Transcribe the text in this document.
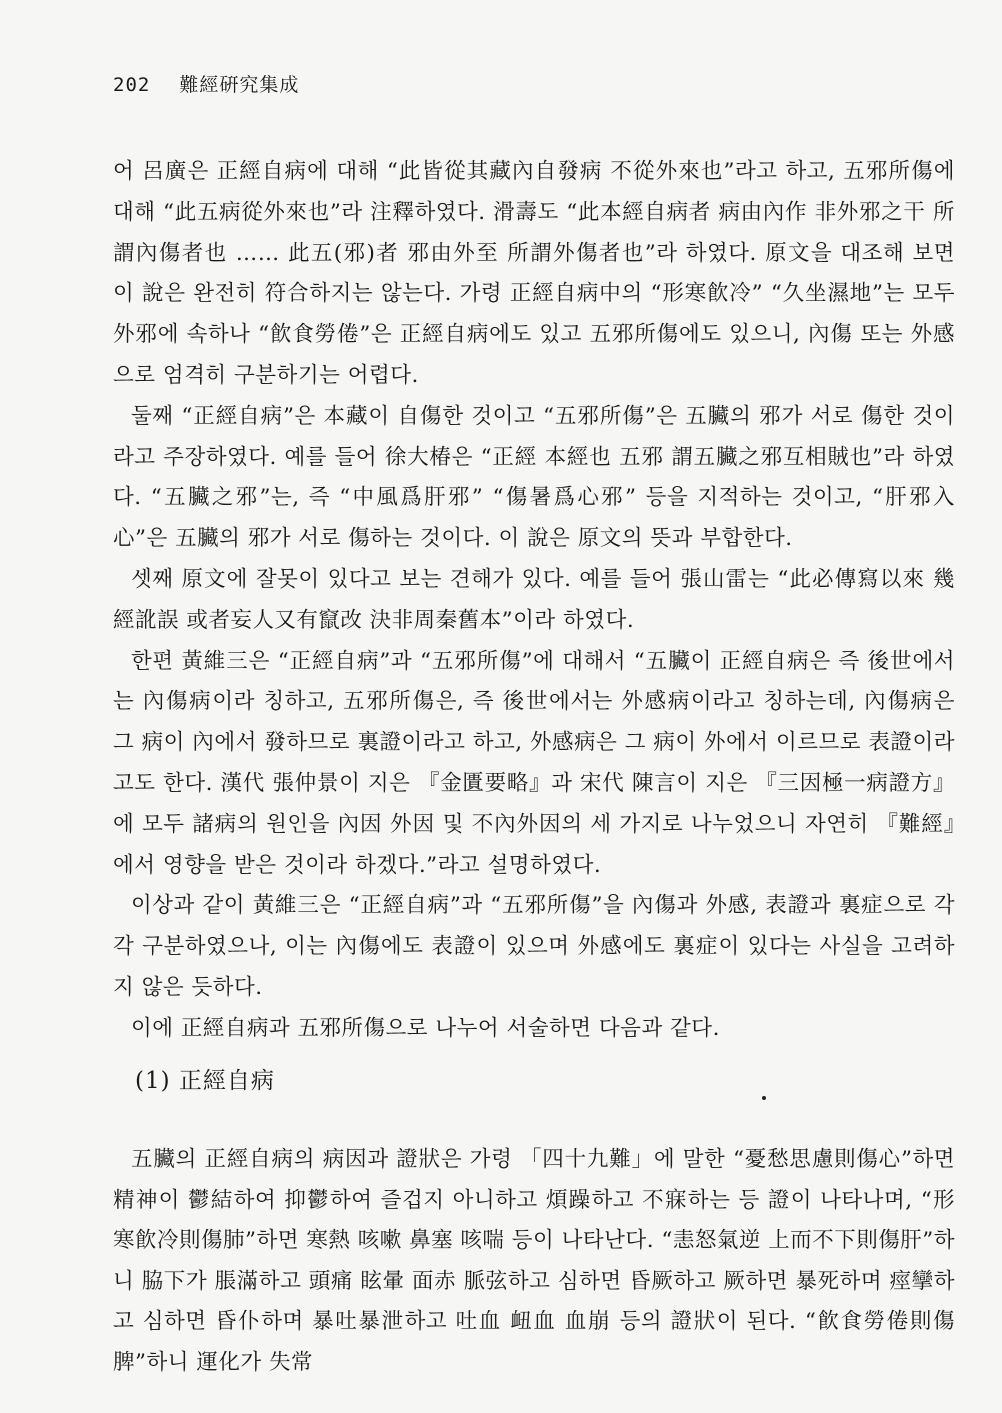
202 難經硏究集成

어 呂廣은 正經自病에 대해 “此皆從其藏內自發病 不從外來也”라고 하고, 五邪所傷에 대해 “此五病從外來也”라 注釋하였다. 滑壽도 “此本經自病者 病由內作 非外邪之干 所謂內傷者也 …… 此五(邪)者 邪由外至 所謂外傷者也”라 하였다. 原文을 대조해 보면 이 說은 완전히 符合하지는 않는다. 가령 正經自病中의 “形寒飮冷” “久坐濕地”는 모두 外邪에 속하나 “飮食勞倦”은 正經自病에도 있고 五邪所傷에도 있으니, 內傷 또는 外感으로 엄격히 구분하기는 어렵다.

둘째 “正經自病”은 本藏이 自傷한 것이고 “五邪所傷”은 五臟의 邪가 서로 傷한 것이라고 주장하였다. 예를 들어 徐大椿은 “正經 本經也 五邪 謂五臟之邪互相賊也”라 하였다. “五臟之邪”는, 즉 “中風爲肝邪” “傷暑爲心邪” 등을 지적하는 것이고, “肝邪入心”은 五臟의 邪가 서로 傷하는 것이다. 이 說은 原文의 뜻과 부합한다.

셋째 原文에 잘못이 있다고 보는 견해가 있다. 예를 들어 張山雷는 “此必傳寫以來 幾經訛誤 或者妄人又有竄改 決非周秦舊本”이라 하였다.

한편 黃維三은 “正經自病”과 “五邪所傷”에 대해서 “五臟이 正經自病은 즉 後世에서는 內傷病이라 칭하고, 五邪所傷은, 즉 後世에서는 外感病이라고 칭하는데, 內傷病은 그 病이 內에서 發하므로 裏證이라고 하고, 外感病은 그 病이 外에서 이르므로 表證이라고도 한다. 漢代 張仲景이 지은 『金匱要略』과 宋代 陳言이 지은 『三因極一病證方』에 모두 諸病의 원인을 內因 外因 및 不內外因의 세 가지로 나누었으니 자연히 『難經』에서 영향을 받은 것이라 하겠다.”라고 설명하였다.

이상과 같이 黃維三은 “正經自病”과 “五邪所傷”을 內傷과 外感, 表證과 裏症으로 각각 구분하였으나, 이는 內傷에도 表證이 있으며 外感에도 裏症이 있다는 사실을 고려하지 않은 듯하다.

이에 正經自病과 五邪所傷으로 나누어 서술하면 다음과 같다.

(1) 正經自病

五臟의 正經自病의 病因과 證狀은 가령 「四十九難」에 말한 “憂愁思慮則傷心”하면 精神이 鬱結하여 抑鬱하여 즐겁지 아니하고 煩躁하고 不寐하는 등 證이 나타나며, “形寒飮冷則傷肺”하면 寒熱 咳嗽 鼻塞 咳喘 등이 나타난다. “恚怒氣逆 上而不下則傷肝”하니 脇下가 脹滿하고 頭痛 眩暈 面赤 脈弦하고 심하면 昏厥하고 厥하면 暴死하며 痙攣하고 심하면 昏仆하며 暴吐暴泄하고 吐血 衄血 血崩 등의 證狀이 된다. “飮食勞倦則傷脾”하니 運化가 失常
